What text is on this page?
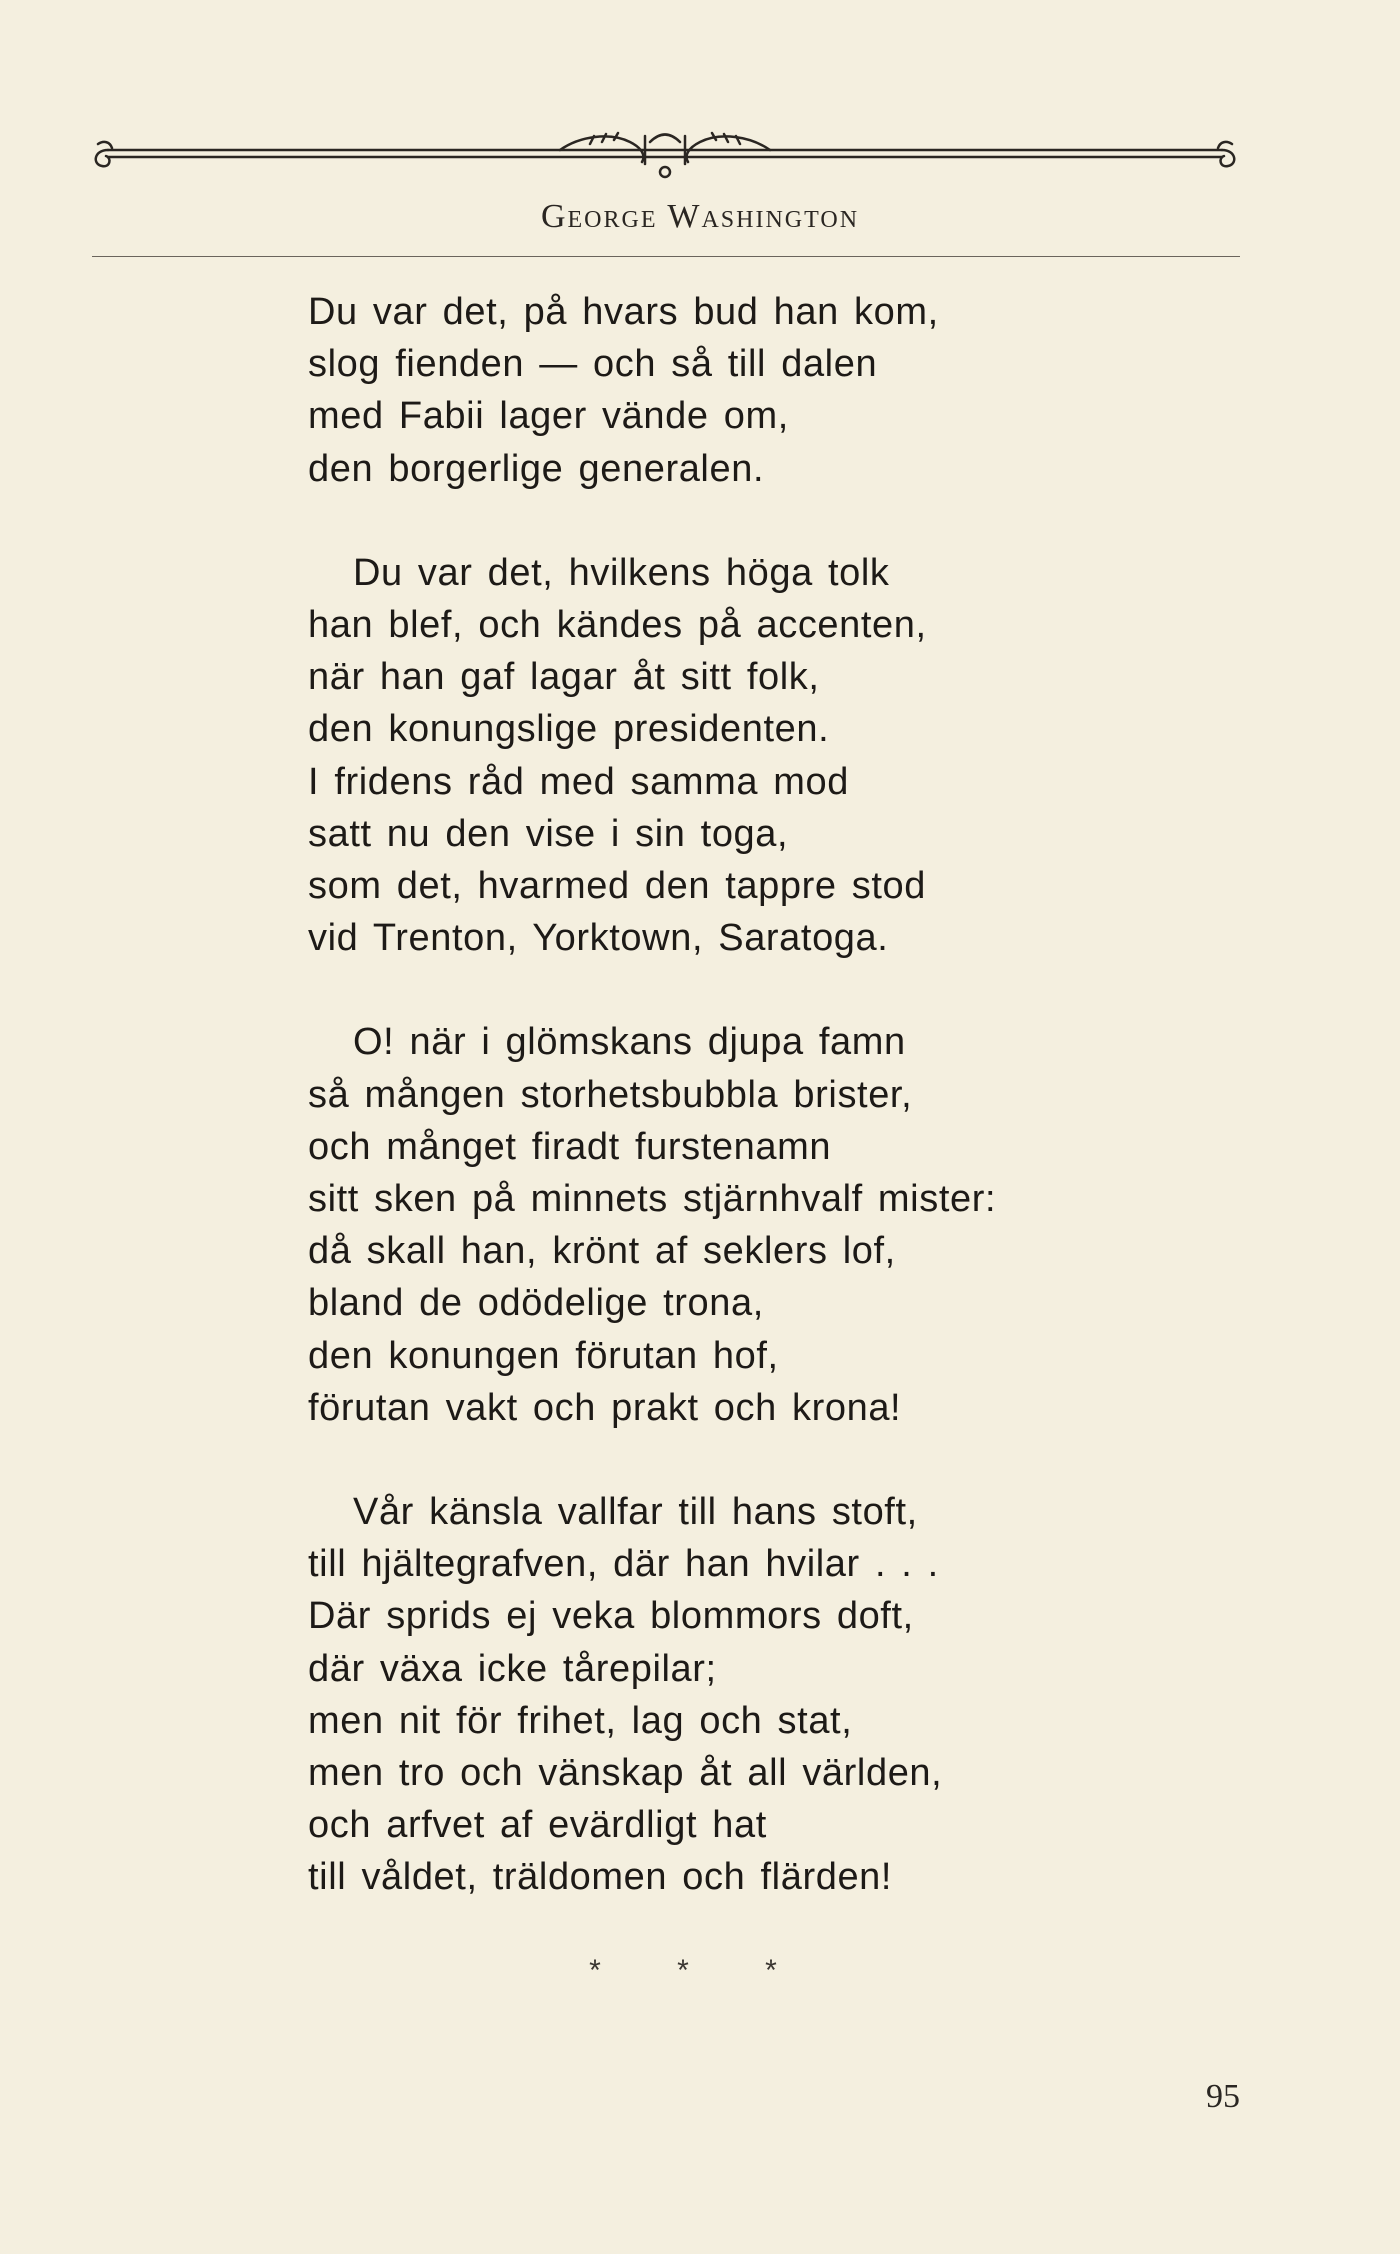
George Washington
Du var det, på hvars bud han kom,
slog fienden — och så till dalen
med Fabii lager vände om,
den borgerlige generalen.
Du var det, hvilkens höga tolk
han blef, och kändes på accenten,
när han gaf lagar åt sitt folk,
den konungslige presidenten.
I fridens råd med samma mod
satt nu den vise i sin toga,
som det, hvarmed den tappre stod
vid Trenton, Yorktown, Saratoga.
O! när i glömskans djupa famn
så mången storhetsbubbla brister,
och månget firadt furstenamn
sitt sken på minnets stjärnhvalf mister:
då skall han, krönt af seklers lof,
bland de odödelige trona,
den konungen förutan hof,
förutan vakt och prakt och krona!
Vår känsla vallfar till hans stoft,
till hjältegrafven, där han hvilar . . .
Där sprids ej veka blommors doft,
där växa icke tårepilar;
men nit för frihet, lag och stat,
men tro och vänskap åt all världen,
och arfvet af evärdligt hat
till våldet, träldomen och flärden!
* * *
95
